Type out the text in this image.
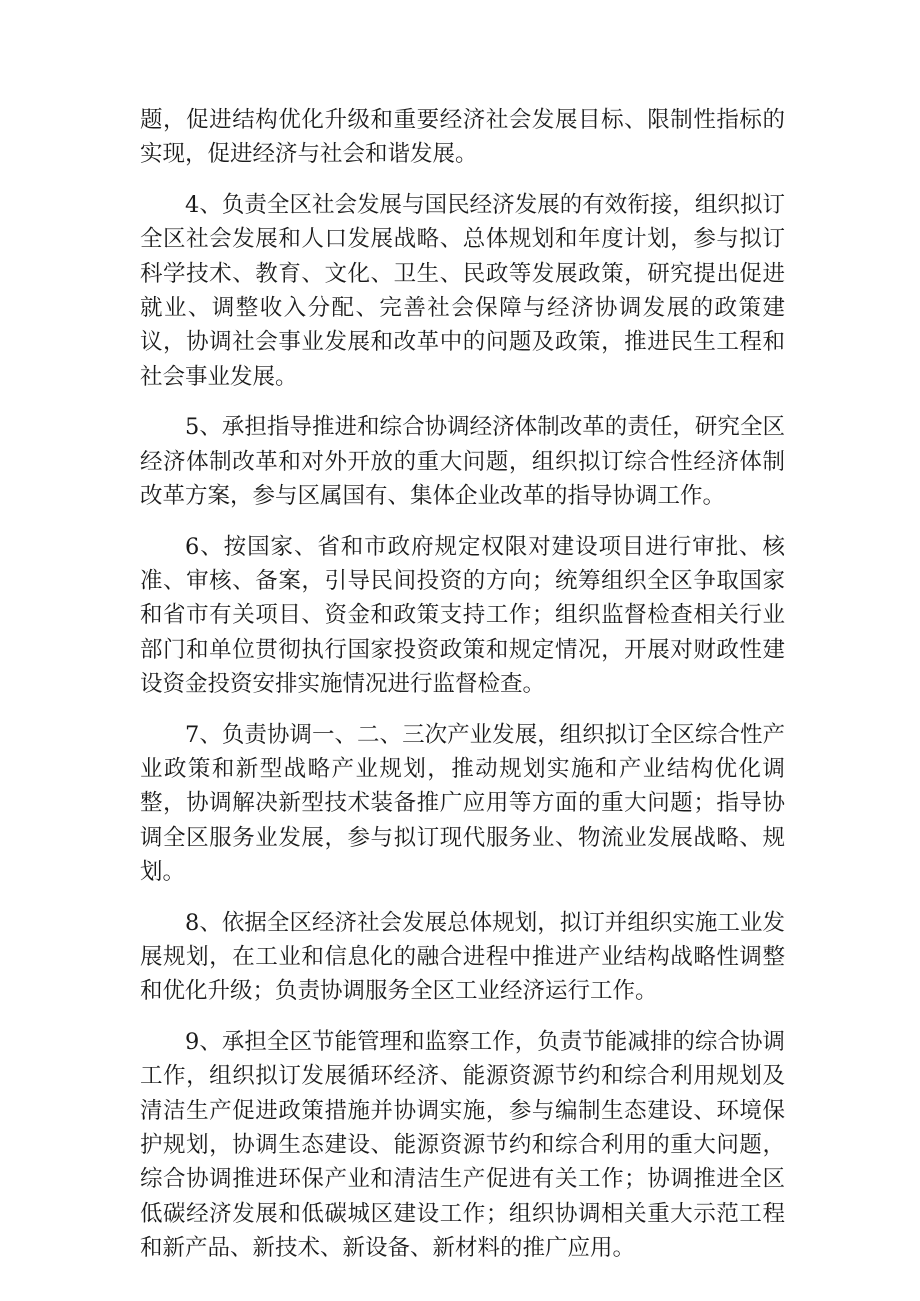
题，促进结构优化升级和重要经济社会发展目标、限制性指标的实现，促进经济与社会和谐发展。

4、负责全区社会发展与国民经济发展的有效衔接，组织拟订全区社会发展和人口发展战略、总体规划和年度计划，参与拟订科学技术、教育、文化、卫生、民政等发展政策，研究提出促进就业、调整收入分配、完善社会保障与经济协调发展的政策建议，协调社会事业发展和改革中的问题及政策，推进民生工程和社会事业发展。

5、承担指导推进和综合协调经济体制改革的责任，研究全区经济体制改革和对外开放的重大问题，组织拟订综合性经济体制改革方案，参与区属国有、集体企业改革的指导协调工作。

6、按国家、省和市政府规定权限对建设项目进行审批、核准、审核、备案，引导民间投资的方向；统筹组织全区争取国家和省市有关项目、资金和政策支持工作；组织监督检查相关行业部门和单位贯彻执行国家投资政策和规定情况，开展对财政性建设资金投资安排实施情况进行监督检查。

7、负责协调一、二、三次产业发展，组织拟订全区综合性产业政策和新型战略产业规划，推动规划实施和产业结构优化调整，协调解决新型技术装备推广应用等方面的重大问题；指导协调全区服务业发展，参与拟订现代服务业、物流业发展战略、规划。

8、依据全区经济社会发展总体规划，拟订并组织实施工业发展规划，在工业和信息化的融合进程中推进产业结构战略性调整和优化升级；负责协调服务全区工业经济运行工作。

9、承担全区节能管理和监察工作，负责节能减排的综合协调工作，组织拟订发展循环经济、能源资源节约和综合利用规划及清洁生产促进政策措施并协调实施，参与编制生态建设、环境保护规划，协调生态建设、能源资源节约和综合利用的重大问题，综合协调推进环保产业和清洁生产促进有关工作；协调推进全区低碳经济发展和低碳城区建设工作；组织协调相关重大示范工程和新产品、新技术、新设备、新材料的推广应用。
